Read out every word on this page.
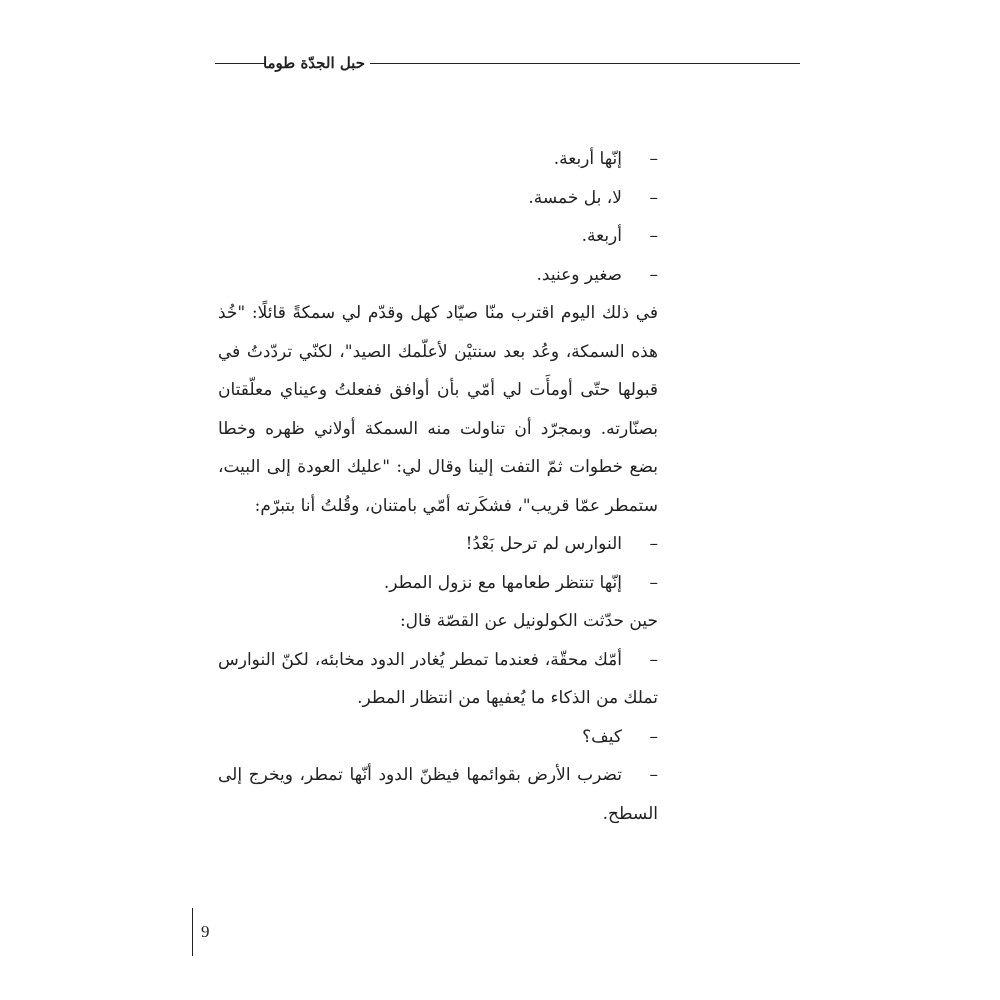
حبل الجدّة طوما

–إنّها أربعة.

–لا، بل خمسة.

–أربعة.

–صغير وعنيد.

في ذلك اليوم اقترب منّا صيّاد كهل وقدّم لي سمكةً قائلًا: "خُذ هذه السمكة، وعُد بعد سنتيْن لأعلّمك الصيد"، لكنّي تردّدتُ في قبولها حتّى أومأَت لي أمّي بأن أوافق ففعلتُ وعيناي معلّقتان بصنّارته. وبمجرّد أن تناولت منه السمكة أولاني ظهره وخطا بضع خطوات ثمّ التفت إلينا وقال لي: "عليك العودة إلى البيت، ستمطر عمّا قريب"، فشكَرته أمّي بامتنان، وقُلتُ أنا بتبرّم:

–النوارس لم ترحل بَعْدُ!

–إنّها تنتظر طعامها مع نزول المطر.

حين حدّثت الكولونيل عن القصّة قال:

–أمّك محقّة، فعندما تمطر يُغادر الدود مخابئه، لكنّ النوارس تملك من الذكاء ما يُعفيها من انتظار المطر.

–كيف؟

–تضرب الأرض بقوائمها فيظنّ الدود أنّها تمطر، ويخرج إلى السطح.

9
